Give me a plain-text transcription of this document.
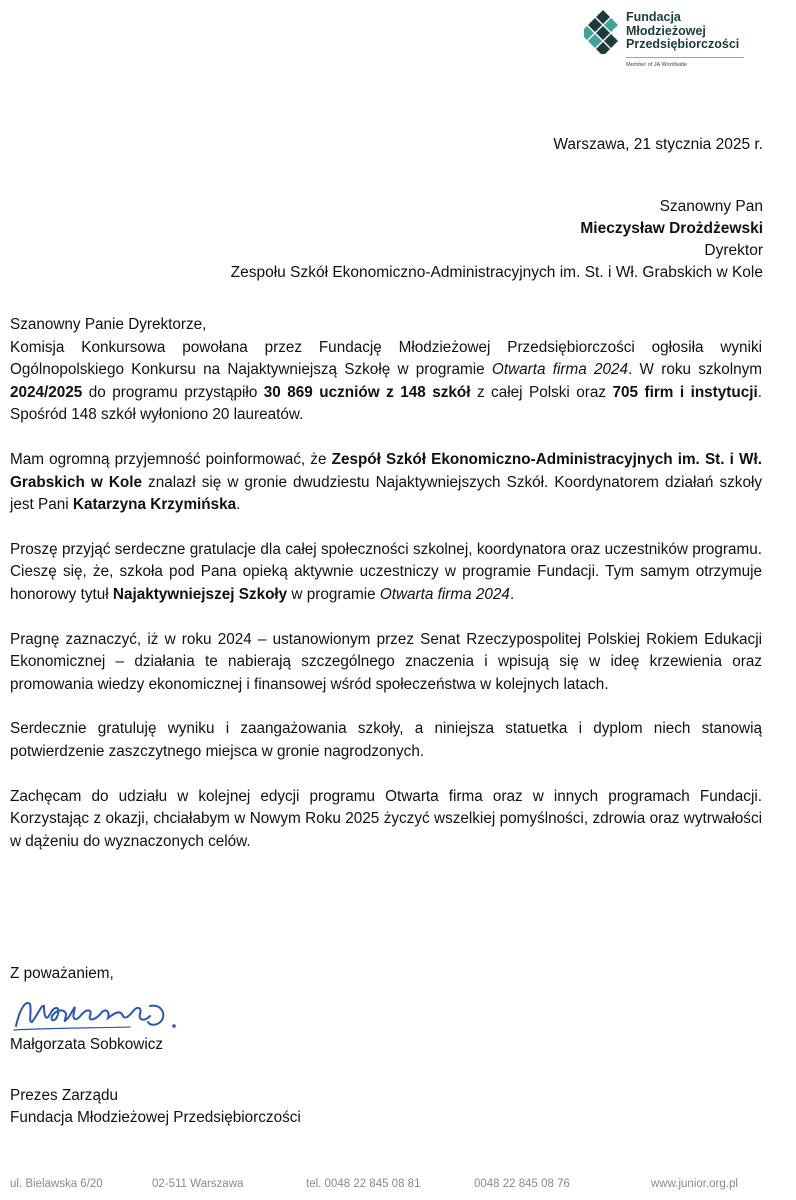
Fundacja
Młodzieżowej
Przedsiębiorczości
Member of JA Worldwide
Warszawa, 21 stycznia 2025 r.
Szanowny Pan
Mieczysław Drożdżewski
Dyrektor
Zespołu Szkół Ekonomiczno-Administracyjnych im. St. i Wł. Grabskich w Kole
Szanowny Panie Dyrektorze,

Komisja Konkursowa powołana przez Fundację Młodzieżowej Przedsiębiorczości ogłosiła wyniki Ogólnopolskiego Konkursu na Najaktywniejszą Szkołę w programie Otwarta firma 2024. W roku szkolnym 2024/2025 do programu przystąpiło 30 869 uczniów z 148 szkół z całej Polski oraz 705 firm i instytucji. Spośród 148 szkół wyłoniono 20 laureatów.

Mam ogromną przyjemność poinformować, że Zespół Szkół Ekonomiczno-Administracyjnych im. St. i Wł. Grabskich w Kole znalazł się w gronie dwudziestu Najaktywniejszych Szkół. Koordynatorem działań szkoły jest Pani Katarzyna Krzymińska.

Proszę przyjąć serdeczne gratulacje dla całej społeczności szkolnej, koordynatora oraz uczestników programu. Cieszę się, że, szkoła pod Pana opieką aktywnie uczestniczy w programie Fundacji. Tym samym otrzymuje honorowy tytuł Najaktywniejszej Szkoły w programie Otwarta firma 2024.

Pragnę zaznaczyć, iż w roku 2024 – ustanowionym przez Senat Rzeczypospolitej Polskiej Rokiem Edukacji Ekonomicznej – działania te nabierają szczególnego znaczenia i wpisują się w ideę krzewienia oraz promowania wiedzy ekonomicznej i finansowej wśród społeczeństwa w kolejnych latach.

Serdecznie gratuluję wyniku i zaangażowania szkoły, a niniejsza statuetka i dyplom niech stanowią potwierdzenie zaszczytnego miejsca w gronie nagrodzonych.

Zachęcam do udziału w kolejnej edycji programu Otwarta firma oraz w innych programach Fundacji. Korzystając z okazji, chciałabym w Nowym Roku 2025 życzyć wszelkiej pomyślności, zdrowia oraz wytrwałości w dążeniu do wyznaczonych celów.

Z poważaniem,
Małgorzata Sobkowicz
Prezes Zarządu
Fundacja Młodzieżowej Przedsiębiorczości
ul. Bielawska 6/20	02-511 Warszawa	tel. 0048 22 845 08 81	0048 22 845 08 76	www.junior.org.pl
